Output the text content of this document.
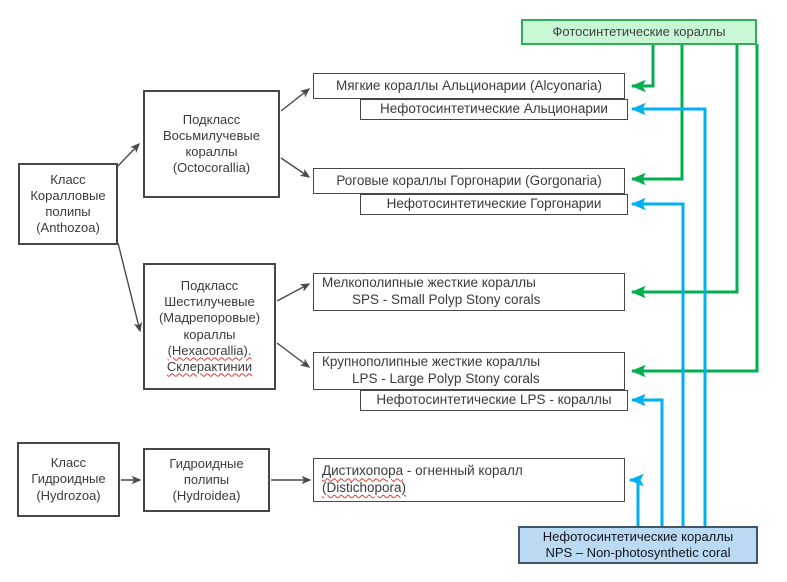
Класс
Коралловые
полипы
(Anthozoa)
Подкласс
Восьмилучевые
кораллы
(Octocorallia)
Подкласс
Шестилучевые
(Мадрепоровые)
кораллы
(Hexacorallia).
Склерактинии
Класс
Гидроидные
(Hydrozoa)
Гидроидные
полипы
(Hydroidea)
Мягкие кораллы Альционарии (Alcyonaria)
Нефотосинтетические Альционарии
Роговые кораллы Горгонарии (Gorgonaria)
Нефотосинтетические Горгонарии
Мелкополипные жесткие кораллы
SPS - Small Polyp Stony corals
Крупнополипные жесткие кораллы
LPS - Large Polyp Stony corals
Нефотосинтетические LPS - кораллы
Дистихопора - огненный коралл
(Distichopora)
Фотосинтетические кораллы
Нефотосинтетические кораллы
NPS – Non-photosynthetic coral
